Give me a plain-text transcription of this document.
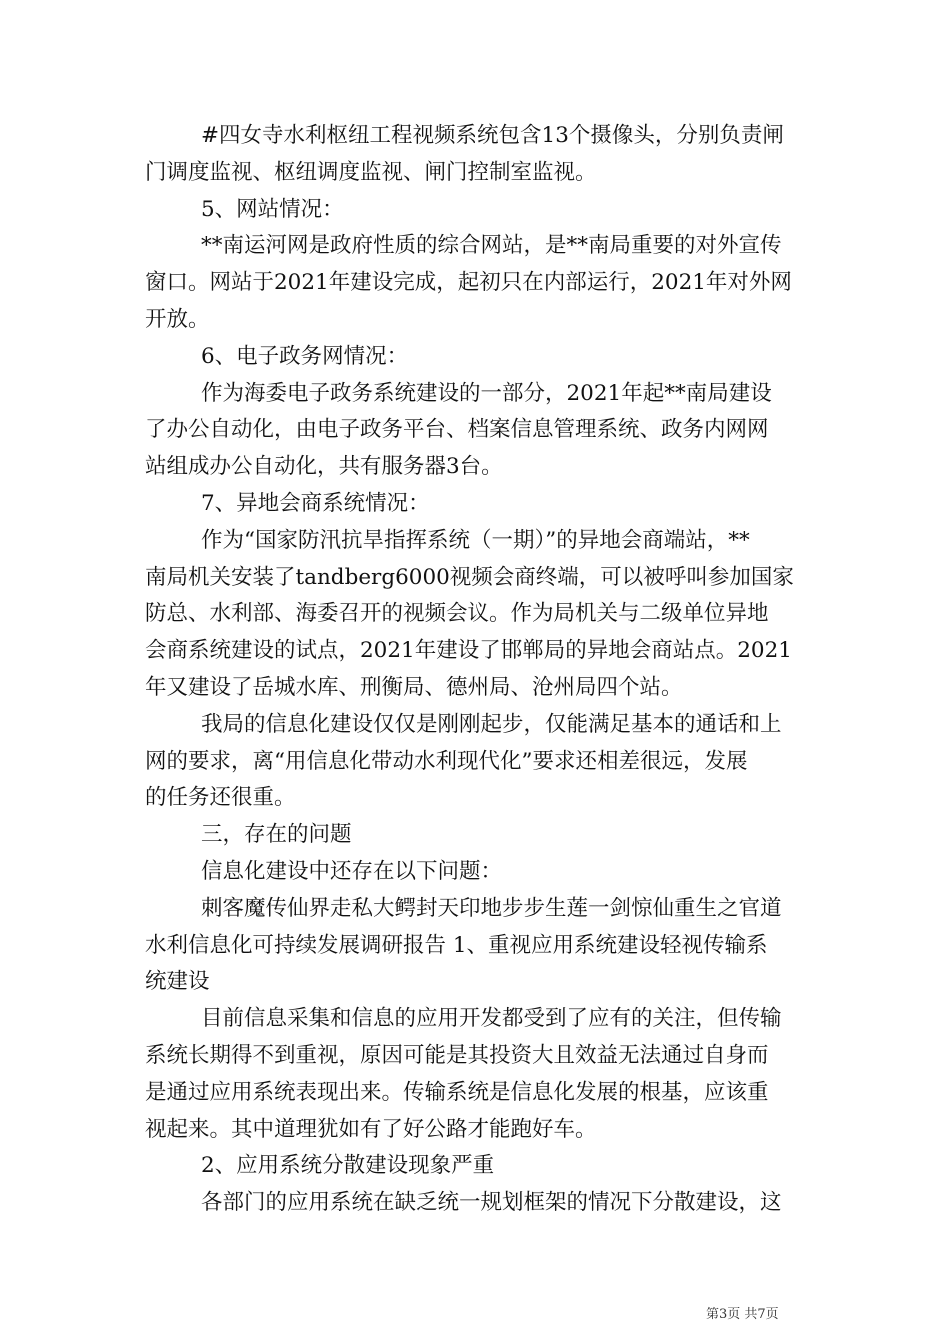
#四女寺水利枢纽工程视频系统包含13个摄像头，分别负责闸
门调度监视、枢纽调度监视、闸门控制室监视。

5、网站情况：

**南运河网是政府性质的综合网站，是**南局重要的对外宣传
窗口。网站于2021年建设完成，起初只在内部运行，2021年对外网
开放。

6、电子政务网情况：

作为海委电子政务系统建设的一部分，2021年起**南局建设
了办公自动化，由电子政务平台、档案信息管理系统、政务内网网
站组成办公自动化，共有服务器3台。

7、异地会商系统情况：

作为“国家防汛抗旱指挥系统（一期）”的异地会商端站，**
南局机关安装了tandberg6000视频会商终端，可以被呼叫参加国家
防总、水利部、海委召开的视频会议。作为局机关与二级单位异地
会商系统建设的试点，2021年建设了邯郸局的异地会商站点。2021
年又建设了岳城水库、刑衡局、德州局、沧州局四个站。

我局的信息化建设仅仅是刚刚起步，仅能满足基本的通话和上
网的要求，离“用信息化带动水利现代化”要求还相差很远，发展
的任务还很重。

三，存在的问题

信息化建设中还存在以下问题：

刺客魔传仙界走私大鳄封天印地步步生莲一剑惊仙重生之官道
水利信息化可持续发展调研报告 1、重视应用系统建设轻视传输系
统建设

目前信息采集和信息的应用开发都受到了应有的关注，但传输
系统长期得不到重视，原因可能是其投资大且效益无法通过自身而
是通过应用系统表现出来。传输系统是信息化发展的根基，应该重
视起来。其中道理犹如有了好公路才能跑好车。

2、应用系统分散建设现象严重

各部门的应用系统在缺乏统一规划框架的情况下分散建设，这

第3页 共7页
